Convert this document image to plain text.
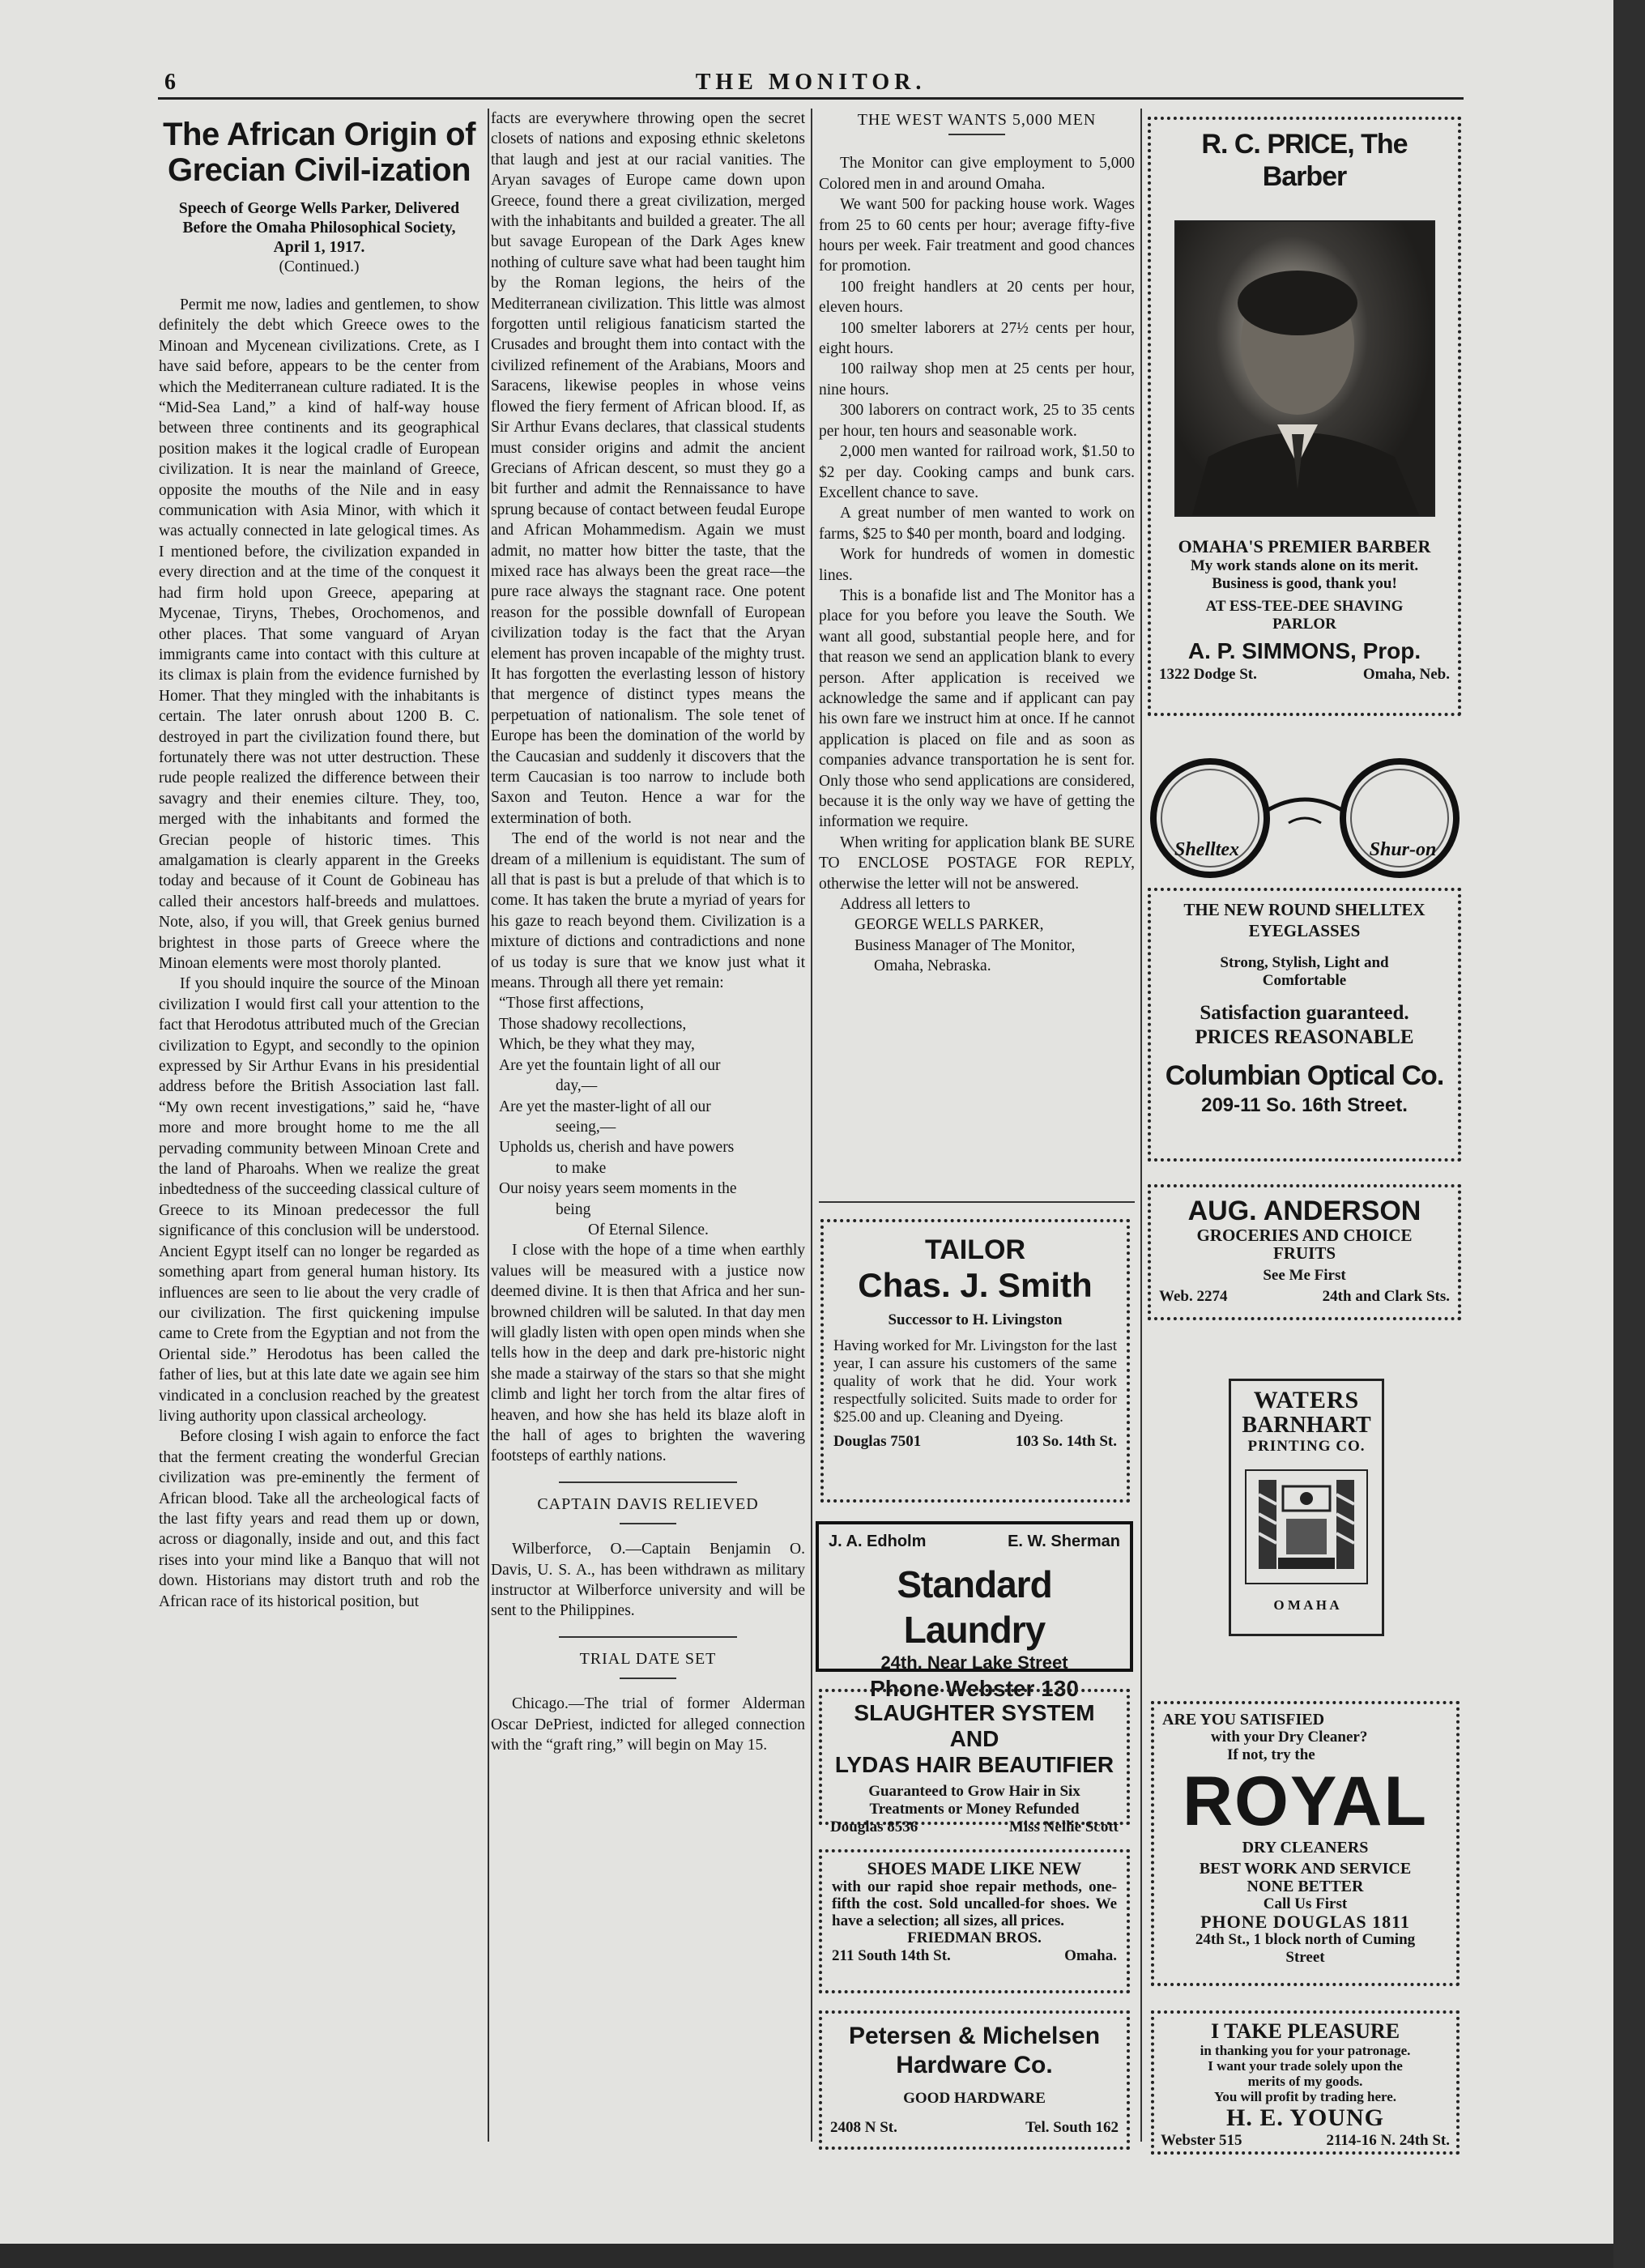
6	THE MONITOR.
The African Origin of Grecian Civil-ization
Speech of George Wells Parker, Delivered Before the Omaha Philosophical Society, April 1, 1917.
(Continued.)

Permit me now, ladies and gentlemen, to show definitely the debt which Greece owes to the Minoan and Mycenean civilizations. Crete, as I have said before, appears to be the center from which the Mediterranean culture radiated. It is the “Mid-Sea Land,” a kind of half-way house between three continents and its geographical position makes it the logical cradle of European civilization. It is near the mainland of Greece, opposite the mouths of the Nile and in easy communication with Asia Minor, with which it was actually connected in late gelogical times. As I mentioned before, the civilization expanded in every direction and at the time of the conquest it had firm hold upon Greece, apeparing at Mycenae, Tiryns, Thebes, Orochomenos, and other places. That some vanguard of Aryan immigrants came into contact with this culture at its climax is plain from the evidence furnished by Homer. That they mingled with the inhabitants is certain. The later onrush about 1200 B. C. destroyed in part the civilization found there, but fortunately there was not utter destruction. These rude people realized the difference between their savagry and their enemies cilture. They, too, merged with the inhabitants and formed the Grecian people of historic times. This amalgamation is clearly apparent in the Greeks today and because of it Count de Gobineau has called their ancestors half-breeds and mulattoes. Note, also, if you will, that Greek genius burned brightest in those parts of Greece where the Minoan elements were most thoroly planted.

If you should inquire the source of the Minoan civilization I would first call your attention to the fact that Herodotus attributed much of the Grecian civilization to Egypt, and secondly to the opinion expressed by Sir Arthur Evans in his presidential address before the British Association last fall. “My own recent investigations,” said he, “have more and more brought home to me the all pervading community between Minoan Crete and the land of Pharoahs. When we realize the great inbedtedness of the succeeding classical culture of Greece to its Minoan predecessor the full significance of this conclusion will be understood. Ancient Egypt itself can no longer be regarded as something apart from general human history. Its influences are seen to lie about the very cradle of our civilization. The first quickening impulse came to Crete from the Egyptian and not from the Oriental side.” Herodotus has been called the father of lies, but at this late date we again see him vindicated in a conclusion reached by the greatest living authority upon classical archeology.

Before closing I wish again to enforce the fact that the ferment creating the wonderful Grecian civilization was pre-eminently the ferment of African blood. Take all the archeological facts of the last fifty years and read them up or down, across or diagonally, inside and out, and this fact rises into your mind like a Banquo that will not down. Historians may distort truth and rob the African race of its historical position, but

facts are everywhere throwing open the secret closets of nations and exposing ethnic skeletons that laugh and jest at our racial vanities. The Aryan savages of Europe came down upon Greece, found there a great civilization, merged with the inhabitants and builded a greater. The all but savage European of the Dark Ages knew nothing of culture save what had been taught him by the Roman legions, the heirs of the Mediterranean civilization. This little was almost forgotten until religious fanaticism started the Crusades and brought them into contact with the civilized refinement of the Arabians, Moors and Saracens, likewise peoples in whose veins flowed the fiery ferment of African blood. If, as Sir Arthur Evans declares, that classical students must consider origins and admit the ancient Grecians of African descent, so must they go a bit further and admit the Rennaissance to have sprung because of contact between feudal Europe and African Mohammedism. Again we must admit, no matter how bitter the taste, that the mixed race has always been the great race—the pure race always the stagnant race. One potent reason for the possible downfall of European civilization today is the fact that the Aryan element has proven incapable of the mighty trust. It has forgotten the everlasting lesson of history that mergence of distinct types means the perpetuation of nationalism. The sole tenet of Europe has been the domination of the world by the Caucasian and suddenly it discovers that the term Caucasian is too narrow to include both Saxon and Teuton. Hence a war for the extermination of both.

The end of the world is not near and the dream of a millenium is equidistant. The sum of all that is past is but a prelude of that which is to come. It has taken the brute a myriad of years for his gaze to reach beyond them. Civilization is a mixture of dictions and contradictions and none of us today is sure that we know just what it means. Through all there yet remain:

“Those first affections,
Those shadowy recollections,
Which, be they what they may,
Are yet the fountain light of all our
day,—
Are yet the master-light of all our
seeing,—
Upholds us, cherish and have powers
to make
Our noisy years seem moments in the
being
Of Eternal Silence.

I close with the hope of a time when earthly values will be measured with a justice now deemed divine. It is then that Africa and her sun-browned children will be saluted. In that day men will gladly listen with open open minds when she tells how in the deep and dark pre-historic night she made a stairway of the stars so that she might climb and light her torch from the altar fires of heaven, and how she has held its blaze aloft in the hall of ages to brighten the wavering footsteps of earthly nations.

CAPTAIN DAVIS RELIEVED

Wilberforce, O.—Captain Benjamin O. Davis, U. S. A., has been withdrawn as military instructor at Wilberforce university and will be sent to the Philippines.

TRIAL DATE SET

Chicago.—The trial of former Alderman Oscar DePriest, indicted for alleged connection with the “graft ring,” will begin on May 15.

THE WEST WANTS 5,000 MEN

The Monitor can give employment to 5,000 Colored men in and around Omaha.

We want 500 for packing house work. Wages from 25 to 60 cents per hour; average fifty-five hours per week. Fair treatment and good chances for promotion.

100 freight handlers at 20 cents per hour, eleven hours.

100 smelter laborers at 27½ cents per hour, eight hours.

100 railway shop men at 25 cents per hour, nine hours.

300 laborers on contract work, 25 to 35 cents per hour, ten hours and seasonable work.

2,000 men wanted for railroad work, $1.50 to $2 per day. Cooking camps and bunk cars. Excellent chance to save.

A great number of men wanted to work on farms, $25 to $40 per month, board and lodging.

Work for hundreds of women in domestic lines.

This is a bonafide list and The Monitor has a place for you before you leave the South. We want all good, substantial people here, and for that reason we send an application blank to every person. After application is received we acknowledge the same and if applicant can pay his own fare we instruct him at once. If he cannot application is placed on file and as soon as companies advance transportation he is sent for. Only those who send applications are considered, because it is the only way we have of getting the information we require.

When writing for application blank BE SURE TO ENCLOSE POSTAGE FOR REPLY, otherwise the letter will not be answered.

Address all letters to

GEORGE WELLS PARKER,
Business Manager of The Monitor,
Omaha, Nebraska.
TAILOR
Chas. J. Smith
Successor to H. Livingston
Having worked for Mr. Livingston for the last year, I can assure his customers of the same quality of work that he did. Your work respectfully solicited. Suits made to order for $25.00 and up. Cleaning and Dyeing.
Douglas 7501	103 So. 14th St.
J. A. Edholm	E. W. Sherman
Standard Laundry
24th, Near Lake Street
Phone Webster 130
SLAUGHTER SYSTEM AND
LYDAS HAIR BEAUTIFIER
Guaranteed to Grow Hair in Six
Treatments or Money Refunded
Douglas 8536	Miss Nellie Scott
SHOES MADE LIKE NEW
with our rapid shoe repair methods, one-fifth the cost. Sold uncalled-for shoes. We have a selection; all sizes, all prices.
FRIEDMAN BROS.
211 South 14th St.	Omaha.
Petersen & Michelsen
Hardware Co.
GOOD HARDWARE
2408 N St.	Tel. South 162
R. C. PRICE, The Barber
OMAHA'S PREMIER BARBER
My work stands alone on its merit.
Business is good, thank you!
AT ESS-TEE-DEE SHAVING
PARLOR
A. P. SIMMONS, Prop.
1322 Dodge St.	Omaha, Neb.
Shelltex	Shur-on
THE NEW ROUND SHELLTEX
EYEGLASSES
Strong, Stylish, Light and
Comfortable
Satisfaction guaranteed.
PRICES REASONABLE
Columbian Optical Co.
209-11 So. 16th Street.
AUG. ANDERSON
GROCERIES AND CHOICE
FRUITS
See Me First
Web. 2274	24th and Clark Sts.
WATERS
BARNHART
PRINTING CO.
O M A H A
ARE YOU SATISFIED
with your Dry Cleaner?
If not, try the
ROYAL
DRY CLEANERS
BEST WORK AND SERVICE
NONE BETTER
Call Us First
PHONE DOUGLAS 1811
24th St., 1 block north of Cuming
Street
I TAKE PLEASURE
in thanking you for your patronage.
I want your trade solely upon the
merits of my goods.
You will profit by trading here.
H. E. YOUNG
Webster 515	2114-16 N. 24th St.
